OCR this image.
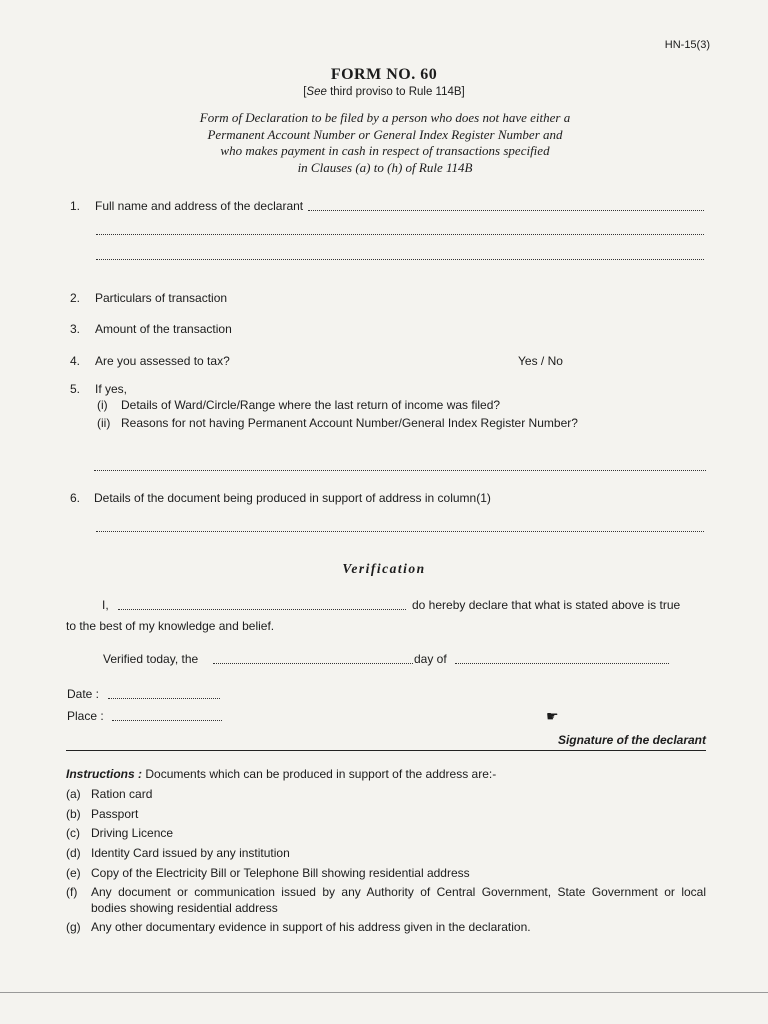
HN-15(3)
FORM NO. 60
[See third proviso to Rule 114B]
Form of Declaration to be filed by a person who does not have either a
Permanent Account Number or General Index Register Number and
who makes payment in cash in respect of transactions specified
in Clauses (a) to (h) of Rule 114B
1. Full name and address of the declarant
2. Particulars of transaction
3. Amount of the transaction
4. Are you assessed to tax?	Yes / No
5. If yes,
(i) Details of Ward/Circle/Range where the last return of income was filed?
(ii) Reasons for not having Permanent Account Number/General Index Register Number?
6. Details of the document being produced in support of address in column(1)
Verification
I,	do hereby declare that what is stated above is true
to the best of my knowledge and belief.
Verified today, the	day of
Date :
Place :	☛
Signature of the declarant
Instructions : Documents which can be produced in support of the address are:-
(a) Ration card
(b) Passport
(c) Driving Licence
(d) Identity Card issued by any institution
(e) Copy of the Electricity Bill or Telephone Bill showing residential address
(f) Any document or communication issued by any Authority of Central Government, State Government or local
bodies showing residential address
(g) Any other documentary evidence in support of his address given in the declaration.
